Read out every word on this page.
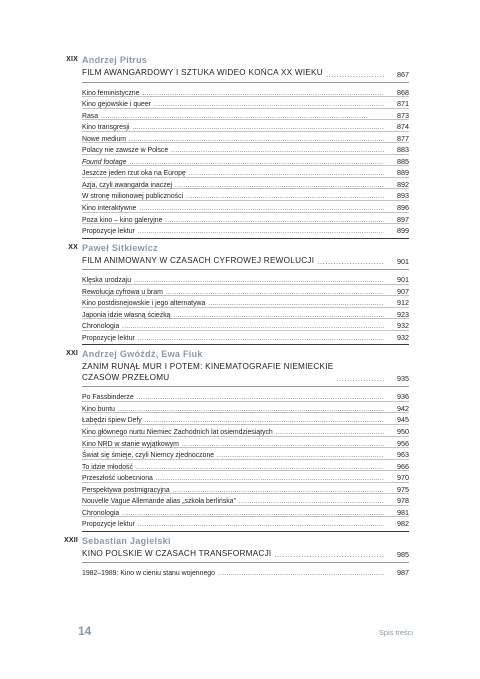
XIX Andrzej Pitrus
FILM AWANGARDOWY I SZTUKA WIDEO KOŃCA XX WIEKU . . .	867
Kino feministyczne . . .	868
Kino gejowskie i queer . . .	871
Rasa . . .	873
Kino transgresji . . .	874
Nowe medium . . .	877
Polacy nie zawsze w Polsce . . .	883
Found footage . . .	885
Jeszcze jeden rzut oka na Europę . . .	889
Azja, czyli awangarda inaczej . . .	892
W stronę milionowej publiczności . . .	893
Kino interaktywne . . .	896
Poza kino – kino galeryjne . . .	897
Propozycje lektur . . .	899
XX Paweł Sitkiewicz
FILM ANIMOWANY W CZASACH CYFROWEJ REWOLUCJI . . .	901
Klęska urodzaju . . .	901
Rewolucja cyfrowa u bram . . .	907
Kino postdisnejowskie i jego alternatywa . . .	912
Japonia idzie własną ścieżką . . .	923
Chronologia . . .	932
Propozycje lektur . . .	932
XXI Andrzej Gwóźdź, Ewa Fiuk
ZANIM RUNĄŁ MUR I POTEM: KINEMATOGRAFIE NIEMIECKIE
CZASÓW PRZEŁOMU . . .	935
Po Fassbinderze . . .	936
Kino buntu . . .	942
Łabędzi śpiew Defy . . .	945
Kino głównego nurtu Niemiec Zachodnich lat osiemdziesiątych . . .	950
Kino NRD w stanie wyjątkowym . . .	956
Świat się śmieje, czyli Niemcy zjednoczone . . .	963
To idzie młodość . . .	966
Przeszłość uobecniona . . .	970
Perspektywa postmigracyjna . . .	975
Nouvelle Vague Allemande alias „szkoła berlińska” . . .	978
Chronologia . . .	981
Propozycje lektur . . .	982
XXII Sebastian Jagielski
KINO POLSKIE W CZASACH TRANSFORMACJI . . .	985
1982–1989: Kino w cieniu stanu wojennego . . .	987
14	Spis treści
